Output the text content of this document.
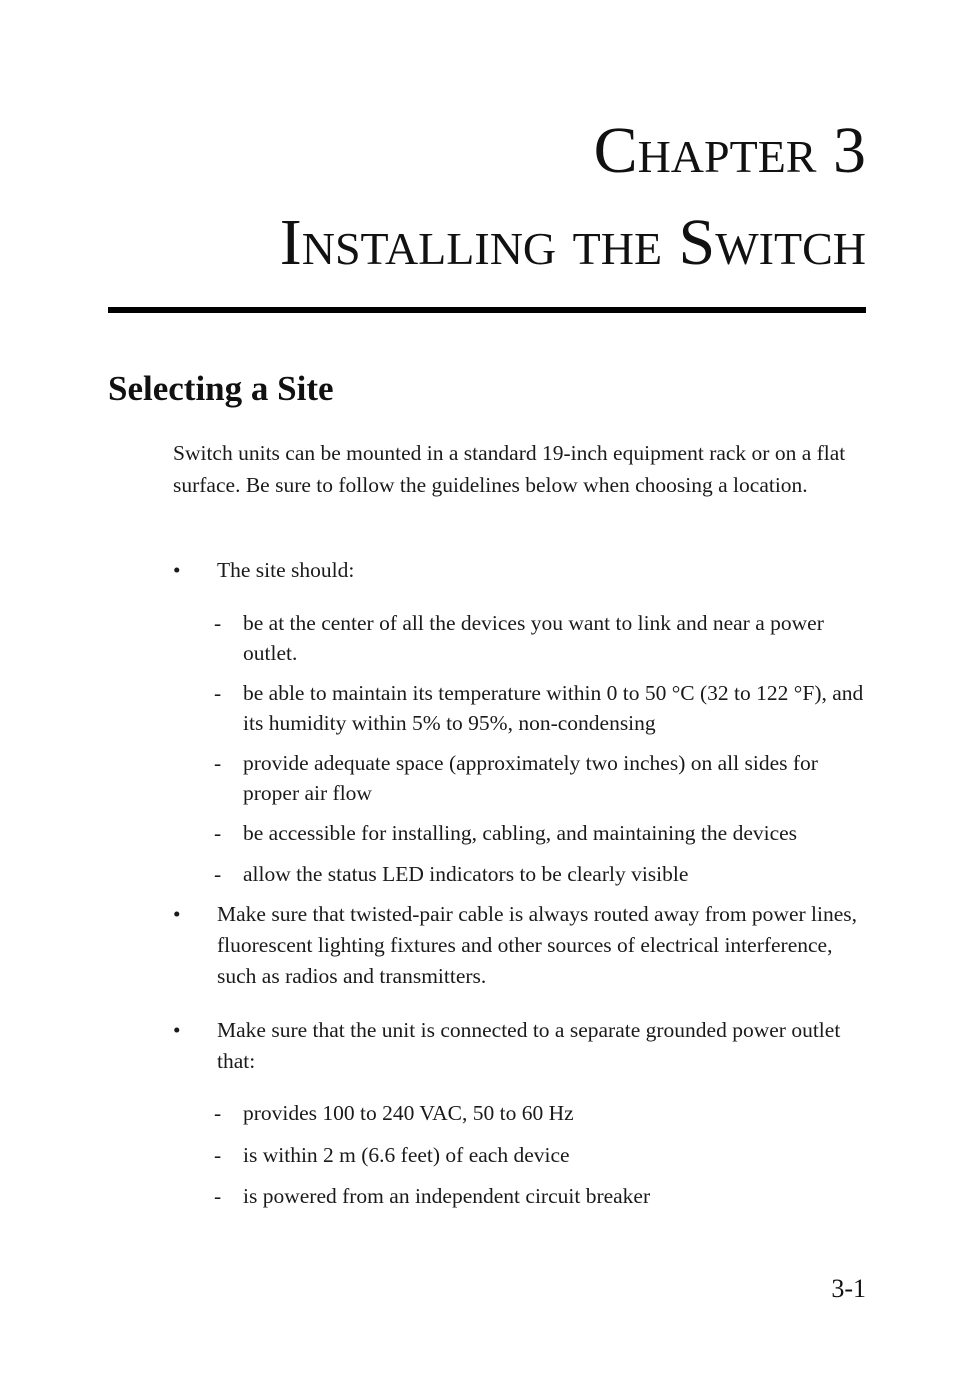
Chapter 3
Installing the Switch
Selecting a Site

Switch units can be mounted in a standard 19-inch equipment rack or on a flat surface. Be sure to follow the guidelines below when choosing a location.

•	The site should:
- be at the center of all the devices you want to link and near a power outlet.
- be able to maintain its temperature within 0 to 50 °C (32 to 122 °F), and its humidity within 5% to 95%, non-condensing
- provide adequate space (approximately two inches) on all sides for proper air flow
- be accessible for installing, cabling, and maintaining the devices
- allow the status LED indicators to be clearly visible
•	Make sure that twisted-pair cable is always routed away from power lines, fluorescent lighting fixtures and other sources of electrical interference, such as radios and transmitters.
•	Make sure that the unit is connected to a separate grounded power outlet that:
- provides 100 to 240 VAC, 50 to 60 Hz
- is within 2 m (6.6 feet) of each device
- is powered from an independent circuit breaker
3-1
